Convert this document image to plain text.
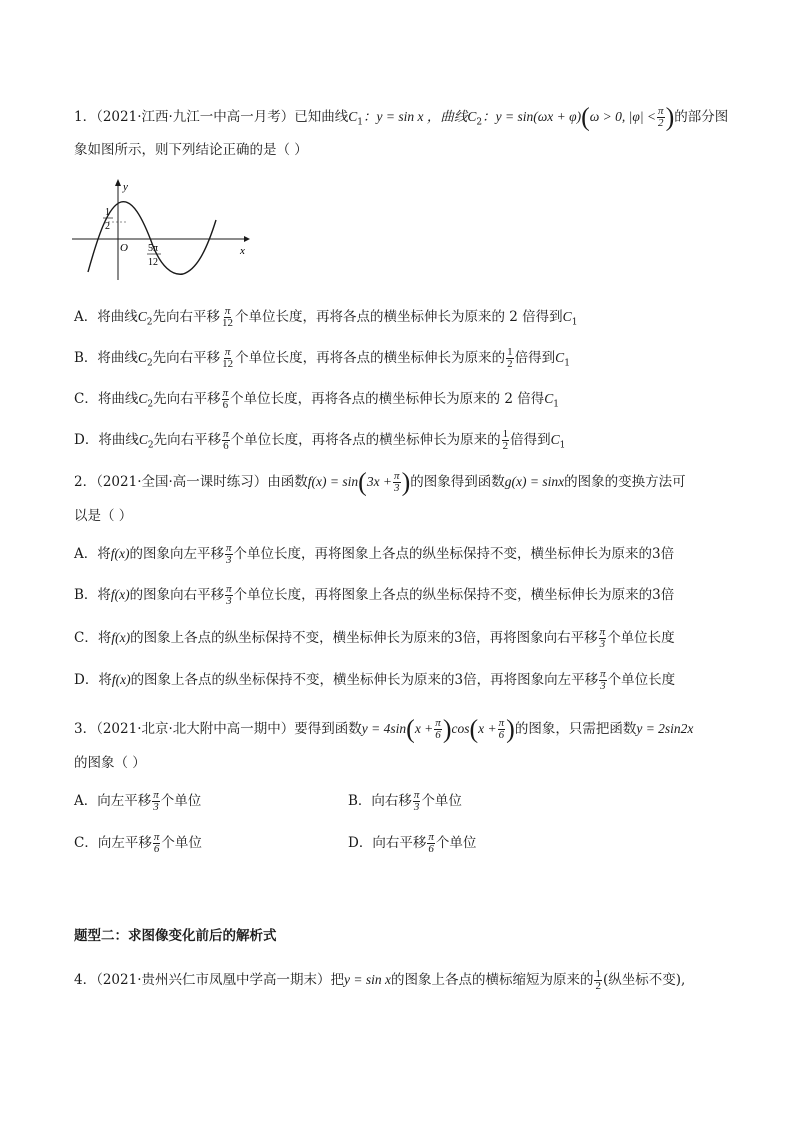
1．（2021·江西·九江一中高一月考）已知曲线$C_1$：y = sin x ，曲线$C_2$：y = sin(ωx + φ)(ω > 0, $|\varphi| < \frac{\pi}{2}$ )的部分图
象如图所示，则下列结论正确的是（ ）
y
x
O
1
2
5π
12
A．将曲线$C_2$先向右平移 $\frac{\pi}{12}$ 个单位长度，再将各点的横坐标伸长为原来的 2 倍得到$C_1$
B．将曲线$C_2$先向右平移 $\frac{\pi}{12}$ 个单位长度，再将各点的横坐标伸长为原来的 $\frac{1}{2}$ 倍得到$C_1$
C．将曲线$C_2$先向右平移 $\frac{\pi}{6}$ 个单位长度，再将各点的横坐标伸长为原来的 2 倍得$C_1$
D．将曲线$C_2$先向右平移 $\frac{\pi}{6}$ 个单位长度，再将各点的横坐标伸长为原来的 $\frac{1}{2}$ 倍得到$C_1$
2．（2021·全国·高一课时练习）由函数$f(x) = \sin(3x + \frac{\pi}{3}$ )的图象得到函数g(x) = sinx的图象的变换方法可
以是（ ）
A．将f(x)的图象向左平移 $\frac{\pi}{3}$ 个单位长度，再将图象上各点的纵坐标保持不变，横坐标伸长为原来的3倍
B．将f(x)的图象向右平移 $\frac{\pi}{3}$ 个单位长度，再将图象上各点的纵坐标保持不变，横坐标伸长为原来的3倍
C．将f(x)的图象上各点的纵坐标保持不变，横坐标伸长为原来的3倍，再将图象向右平移 $\frac{\pi}{3}$ 个单位长度
D．将f(x)的图象上各点的纵坐标保持不变，横坐标伸长为原来的3倍，再将图象向左平移 $\frac{\pi}{3}$ 个单位长度
3．（2021·北京·北大附中高一期中）要得到函数$y = 4\sin(x + \frac{\pi}{6} )\cos(x + \frac{\pi}{6}$ )的图象，只需把函数y = 2sin2x
的图象（ ）
A．向左平移 $\frac{\pi}{3}$ 个单位	B．向右移 $\frac{\pi}{3}$ 个单位
C．向左平移 $\frac{\pi}{6}$ 个单位	D．向右平移 $\frac{\pi}{6}$ 个单位
题型二：求图像变化前后的解析式
4．（2021·贵州兴仁市凤凰中学高一期末）把y = sin x的图象上各点的横标缩短为原来的 $\frac{1}{2}$ (纵坐标不变),
